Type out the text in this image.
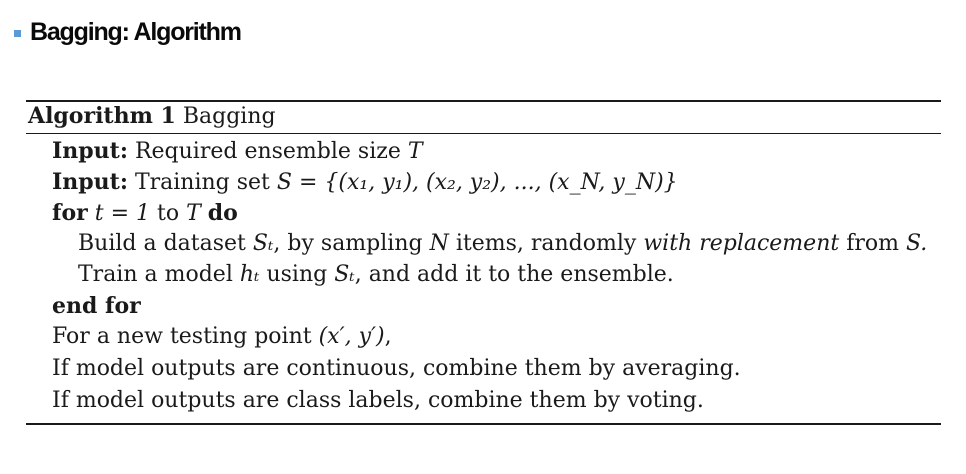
Bagging: Algorithm
Algorithm 1 Bagging
Input: Required ensemble size T
Input: Training set S = {(x₁, y₁), (x₂, y₂), ..., (x_N, y_N)}
for t = 1 to T do
Build a dataset Sₜ, by sampling N items, randomly with replacement from S.
Train a model hₜ using Sₜ, and add it to the ensemble.
end for
For a new testing point (x′, y′),
If model outputs are continuous, combine them by averaging.
If model outputs are class labels, combine them by voting.
